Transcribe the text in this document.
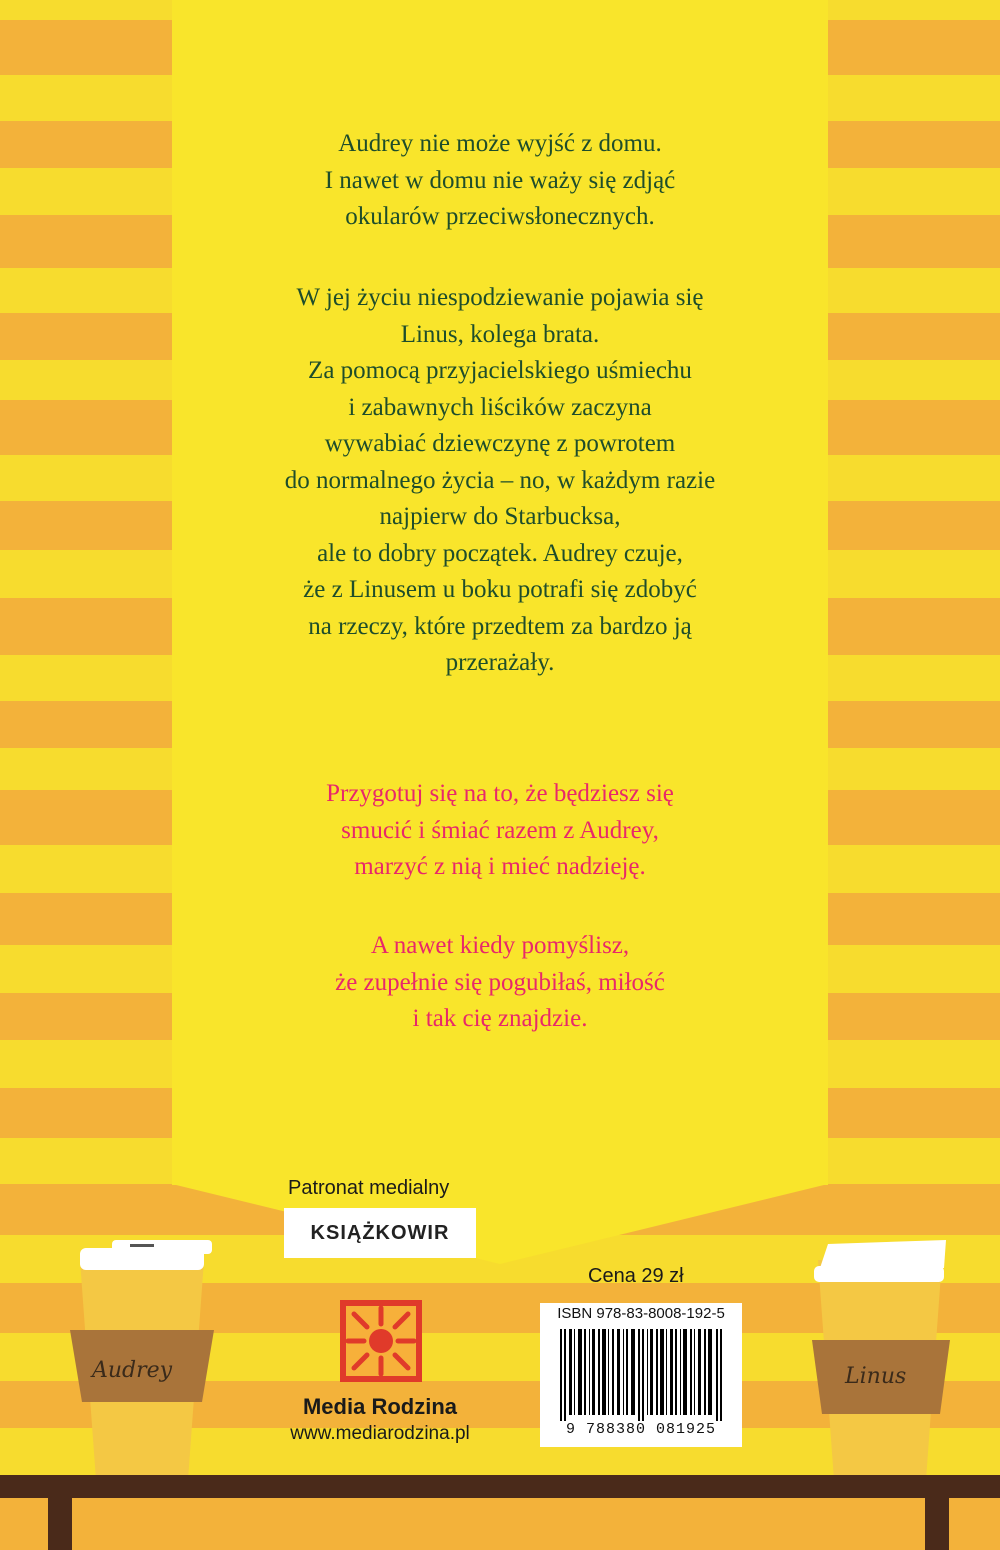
Audrey nie może wyjść z domu.

I nawet w domu nie waży się zdjąć

okularów przeciwsłonecznych.

W jej życiu niespodziewanie pojawia się

Linus, kolega brata.

Za pomocą przyjacielskiego uśmiechu

i zabawnych liścików zaczyna

wywabiać dziewczynę z powrotem

do normalnego życia – no, w każdym razie

najpierw do Starbucksa,

ale to dobry początek. Audrey czuje,

że z Linusem u boku potrafi się zdobyć

na rzeczy, które przedtem za bardzo ją

przerażały.

Przygotuj się na to, że będziesz się

smucić i śmiać razem z Audrey,

marzyć z nią i mieć nadzieję.

A nawet kiedy pomyślisz,

że zupełnie się pogubiłaś, miłość

i tak cię znajdzie.

Patronat medialny
KSIĄŻKOWIR
Media Rodzina
www.mediarodzina.pl
Cena 29 zł
ISBN 978-83-8008-192-5
9 788380 081925
Audrey	Linus
